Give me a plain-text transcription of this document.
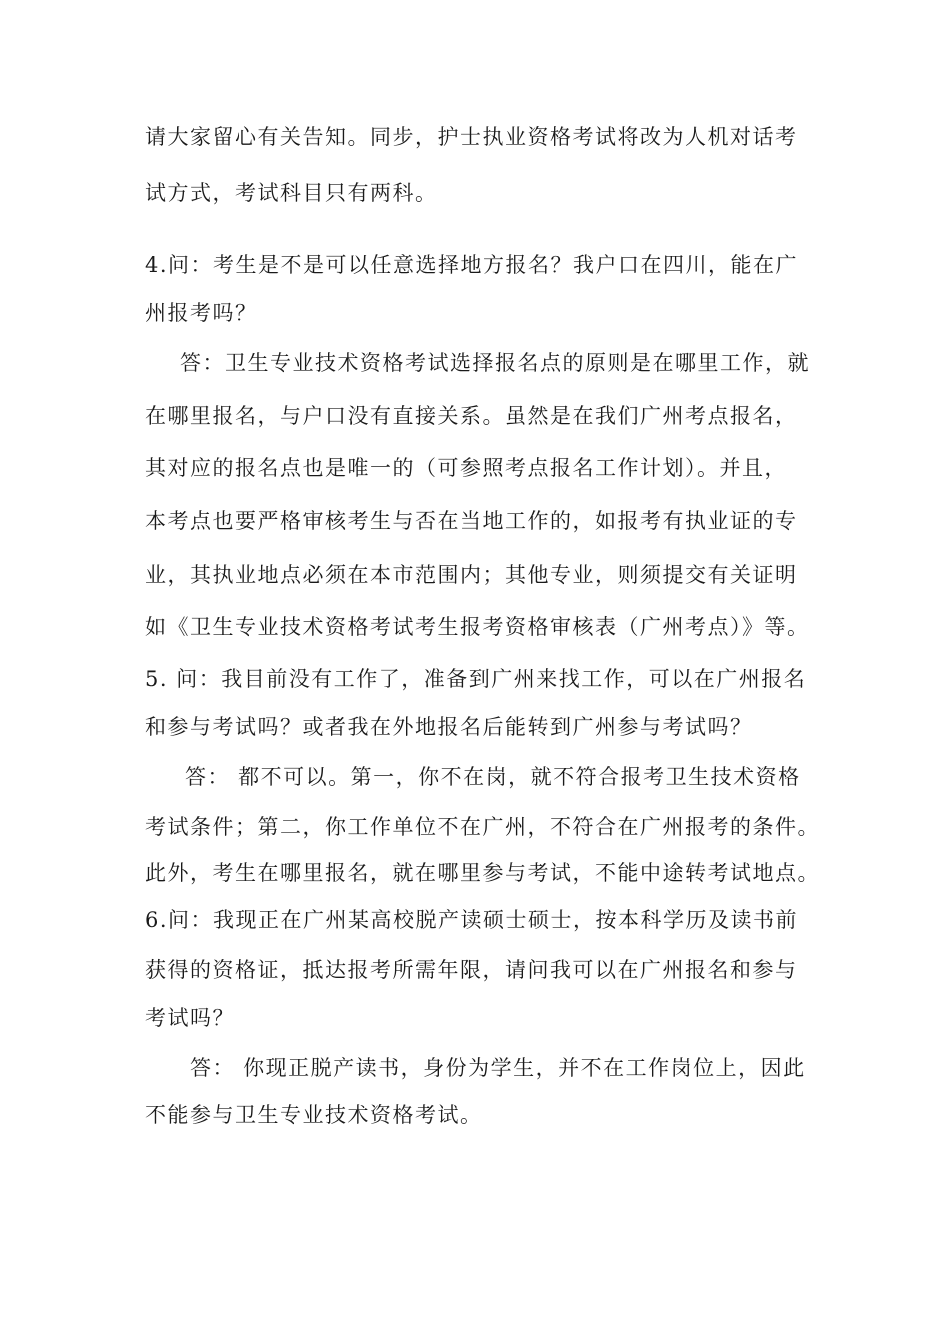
请大家留心有关告知。同步，护士执业资格考试将改为人机对话考
试方式，考试科目只有两科。
4.问：考生是不是可以任意选择地方报名？我户口在四川，能在广
州报考吗？
答：卫生专业技术资格考试选择报名点的原则是在哪里工作，就
在哪里报名，与户口没有直接关系。虽然是在我们广州考点报名，
其对应的报名点也是唯一的（可参照考点报名工作计划）。并且，
本考点也要严格审核考生与否在当地工作的，如报考有执业证的专
业，其执业地点必须在本市范围内；其他专业，则须提交有关证明
如《卫生专业技术资格考试考生报考资格审核表（广州考点）》等。
5. 问：我目前没有工作了，准备到广州来找工作，可以在广州报名
和参与考试吗？或者我在外地报名后能转到广州参与考试吗？
答： 都不可以。第一，你不在岗，就不符合报考卫生技术资格
考试条件；第二，你工作单位不在广州，不符合在广州报考的条件。
此外，考生在哪里报名，就在哪里参与考试，不能中途转考试地点。
6.问：我现正在广州某高校脱产读硕士硕士，按本科学历及读书前
获得的资格证，抵达报考所需年限，请问我可以在广州报名和参与
考试吗？
答： 你现正脱产读书，身份为学生，并不在工作岗位上，因此
不能参与卫生专业技术资格考试。
